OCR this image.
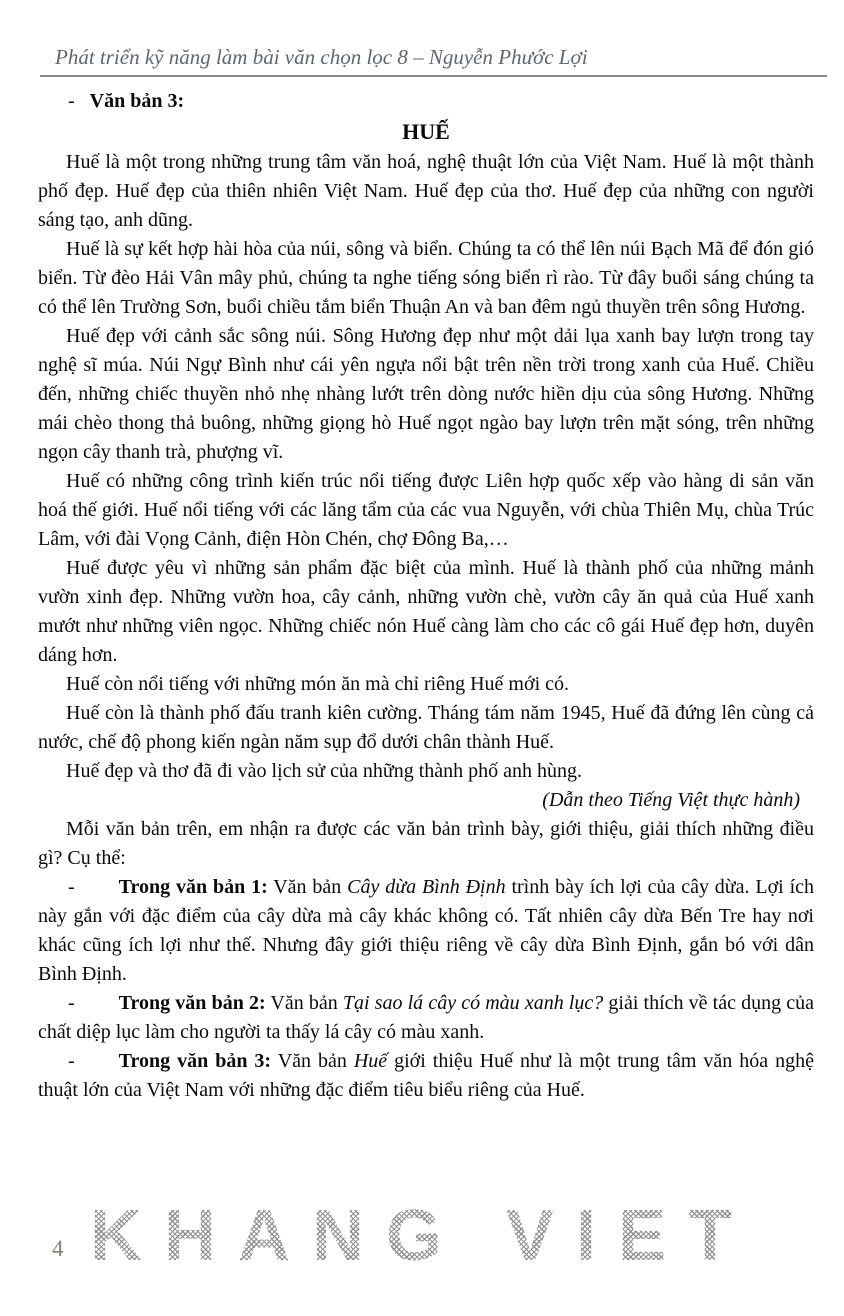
Phát triển kỹ năng làm bài văn chọn lọc 8 – Nguyễn Phước Lợi

- Văn bản 3:

HUẾ

Huế là một trong những trung tâm văn hoá, nghệ thuật lớn của Việt Nam. Huế là một thành phố đẹp. Huế đẹp của thiên nhiên Việt Nam. Huế đẹp của thơ. Huế đẹp của những con người sáng tạo, anh dũng.

Huế là sự kết hợp hài hòa của núi, sông và biển. Chúng ta có thể lên núi Bạch Mã để đón gió biển. Từ đèo Hải Vân mây phủ, chúng ta nghe tiếng sóng biển rì rào. Từ đây buổi sáng chúng ta có thể lên Trường Sơn, buổi chiều tắm biển Thuận An và ban đêm ngủ thuyền trên sông Hương.

Huế đẹp với cảnh sắc sông núi. Sông Hương đẹp như một dải lụa xanh bay lượn trong tay nghệ sĩ múa. Núi Ngự Bình như cái yên ngựa nổi bật trên nền trời trong xanh của Huế. Chiều đến, những chiếc thuyền nhỏ nhẹ nhàng lướt trên dòng nước hiền dịu của sông Hương. Những mái chèo thong thả buông, những giọng hò Huế ngọt ngào bay lượn trên mặt sóng, trên những ngọn cây thanh trà, phượng vĩ.

Huế có những công trình kiến trúc nổi tiếng được Liên hợp quốc xếp vào hàng di sản văn hoá thế giới. Huế nổi tiếng với các lăng tẩm của các vua Nguyễn, với chùa Thiên Mụ, chùa Trúc Lâm, với đài Vọng Cảnh, điện Hòn Chén, chợ Đông Ba,…

Huế được yêu vì những sản phẩm đặc biệt của mình. Huế là thành phố của những mảnh vườn xinh đẹp. Những vườn hoa, cây cảnh, những vườn chè, vườn cây ăn quả của Huế xanh mướt như những viên ngọc. Những chiếc nón Huế càng làm cho các cô gái Huế đẹp hơn, duyên dáng hơn.

Huế còn nổi tiếng với những món ăn mà chỉ riêng Huế mới có.

Huế còn là thành phố đấu tranh kiên cường. Tháng tám năm 1945, Huế đã đứng lên cùng cả nước, chế độ phong kiến ngàn năm sụp đổ dưới chân thành Huế.

Huế đẹp và thơ đã đi vào lịch sử của những thành phố anh hùng.

(Dẫn theo Tiếng Việt thực hành)

Mỗi văn bản trên, em nhận ra được các văn bản trình bày, giới thiệu, giải thích những điều gì? Cụ thể:

- Trong văn bản 1: Văn bản Cây dừa Bình Định trình bày ích lợi của cây dừa. Lợi ích này gắn với đặc điểm của cây dừa mà cây khác không có. Tất nhiên cây dừa Bến Tre hay nơi khác cũng ích lợi như thế. Nhưng đây giới thiệu riêng về cây dừa Bình Định, gắn bó với dân Bình Định.

- Trong văn bản 2: Văn bản Tại sao lá cây có màu xanh lục? giải thích về tác dụng của chất diệp lục làm cho người ta thấy lá cây có màu xanh.

- Trong văn bản 3: Văn bản Huế giới thiệu Huế như là một trung tâm văn hóa nghệ thuật lớn của Việt Nam với những đặc điểm tiêu biểu riêng của Huế.

KHANG VIET
4
